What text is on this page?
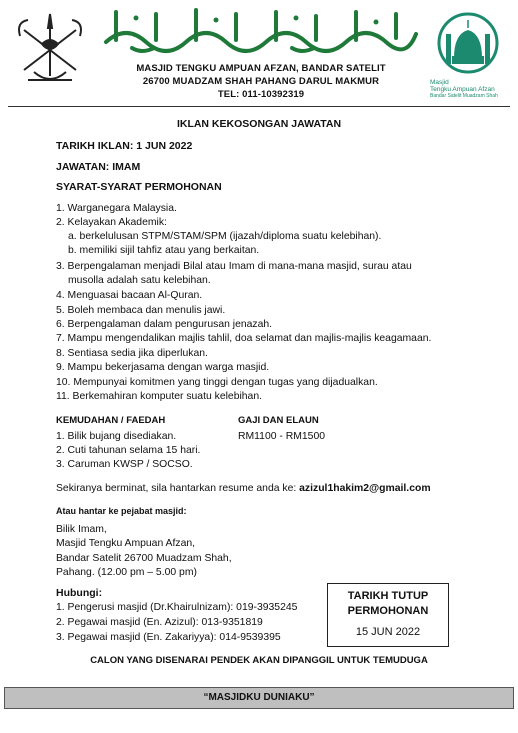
MASJID TENGKU AMPUAN AFZAN, BANDAR SATELIT
26700 MUADZAM SHAH PAHANG DARUL MAKMUR
TEL: 011-10392319
Masjid
Tengku Ampuan Afzan
Bandar Satelit Muadzam Shah
IKLAN KEKOSONGAN JAWATAN
TARIKH IKLAN: 1 JUN 2022
JAWATAN: IMAM
SYARAT-SYARAT PERMOHONAN
1. Warganegara Malaysia.
2. Kelayakan Akademik:
a. berkelulusan STPM/STAM/SPM (ijazah/diploma suatu kelebihan).
b. memiliki sijil tahfiz atau yang berkaitan.
3. Berpengalaman menjadi Bilal atau Imam di mana-mana masjid, surau atau
musolla adalah satu kelebihan.
4. Menguasai bacaan Al-Quran.
5. Boleh membaca dan menulis jawi.
6. Berpengalaman dalam pengurusan jenazah.
7. Mampu mengendalikan majlis tahlil, doa selamat dan majlis-majlis keagamaan.
8. Sentiasa sedia jika diperlukan.
9. Mampu bekerjasama dengan warga masjid.
10. Mempunyai komitmen yang tinggi dengan tugas yang dijadualkan.
11. Berkemahiran komputer suatu kelebihan.
KEMUDAHAN / FAEDAH
1. Bilik bujang disediakan.
2. Cuti tahunan selama 15 hari.
3. Caruman KWSP / SOCSO.
GAJI DAN ELAUN
RM1100 - RM1500
Sekiranya berminat, sila hantarkan resume anda ke: azizul1hakim2@gmail.com
Atau hantar ke pejabat masjid:
Bilik Imam,
Masjid Tengku Ampuan Afzan,
Bandar Satelit 26700 Muadzam Shah,
Pahang. (12.00 pm – 5.00 pm)
Hubungi:
1. Pengerusi masjid (Dr.Khairulnizam): 019-3935245
2. Pegawai masjid (En. Azizul): 013-9351819
3. Pegawai masjid (En. Zakariyya): 014-9539395
TARIKH TUTUP
PERMOHONAN
15 JUN 2022
CALON YANG DISENARAI PENDEK AKAN DIPANGGIL UNTUK TEMUDUGA
“MASJIDKU DUNIAKU”
